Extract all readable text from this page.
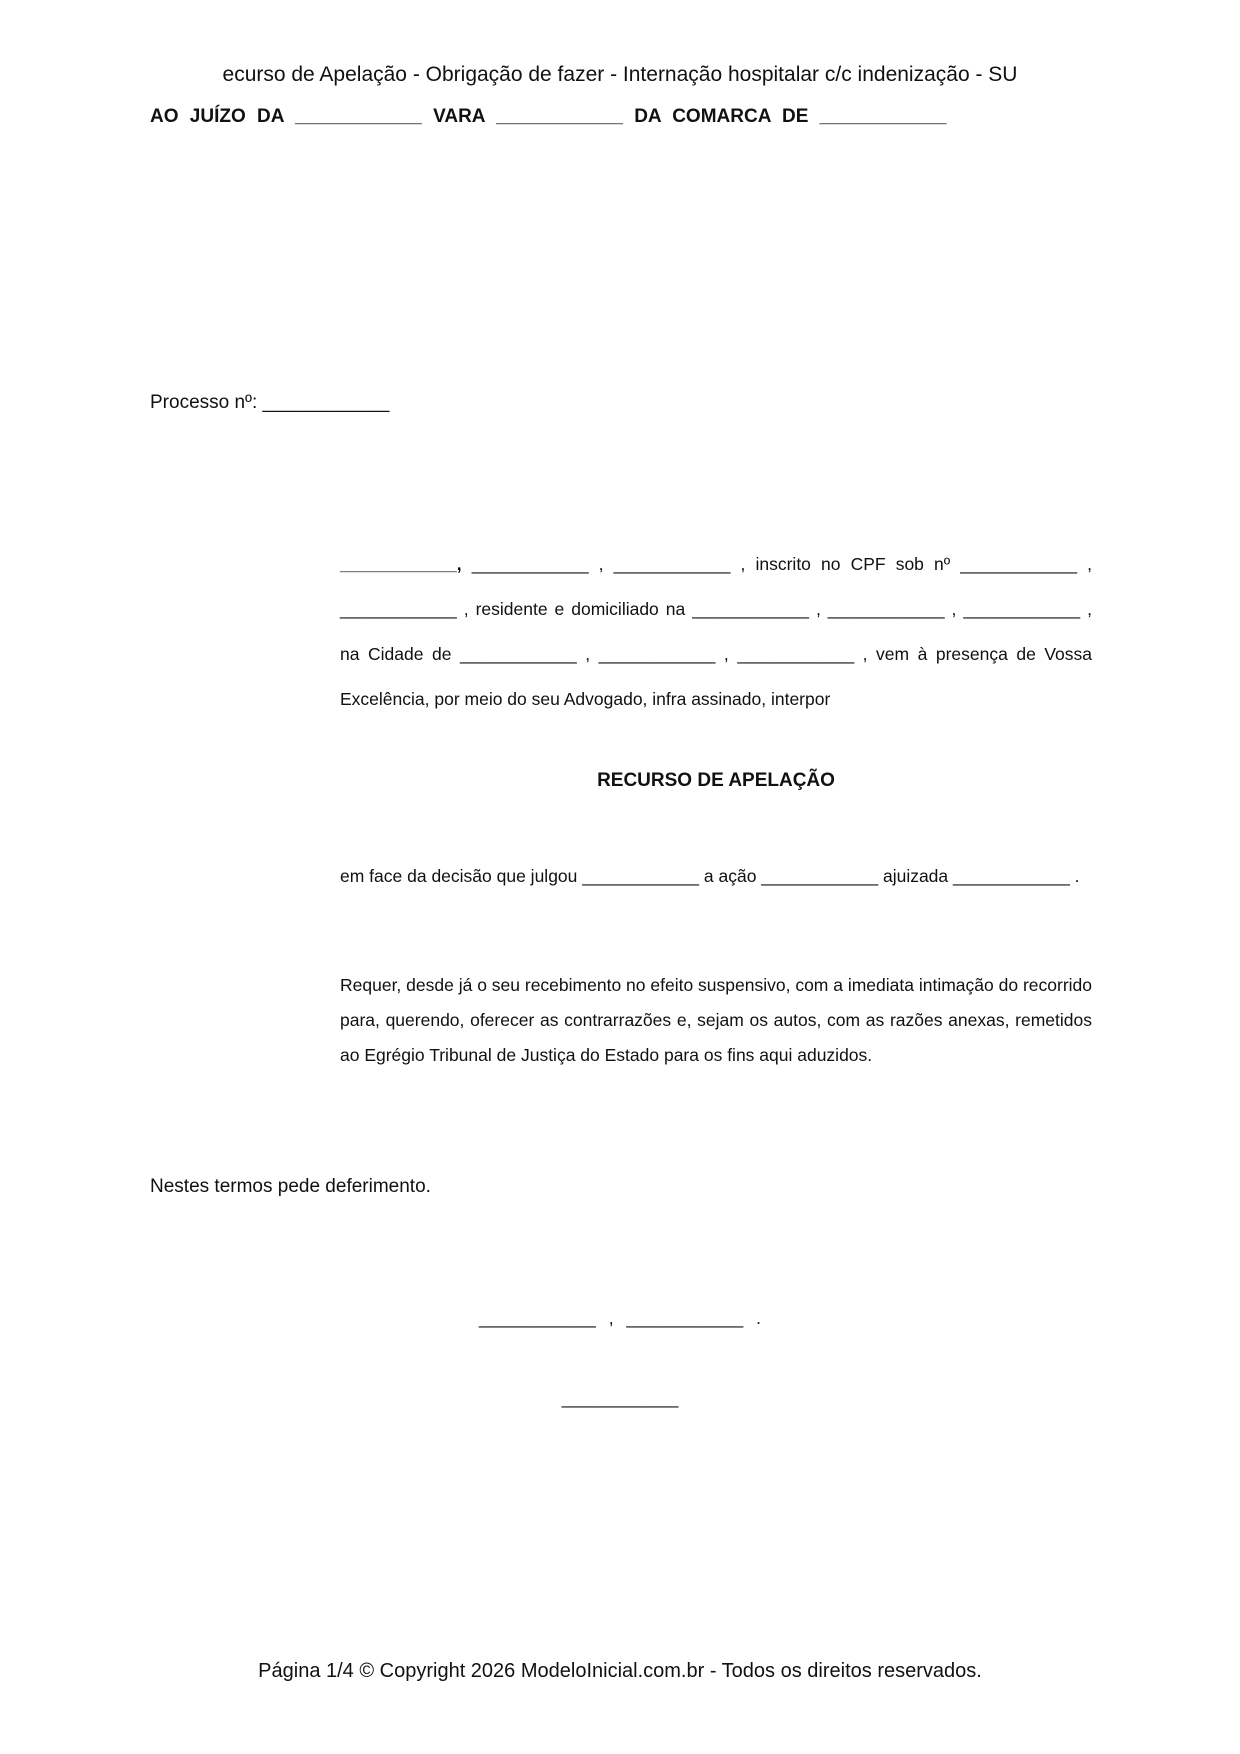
ecurso de Apelação - Obrigação de fazer - Internação hospitalar c/c indenização - SU
AO JUÍZO DA ____________ VARA ____________ DA COMARCA DE ____________
Processo nº: ____________

____________, ____________ , ____________ , inscrito no CPF sob nº ____________ , ____________ , residente e domiciliado na ____________ , ____________ , ____________ , na Cidade de ____________ , ____________ , ____________ , vem à presença de Vossa Excelência, por meio do seu Advogado, infra assinado, interpor

RECURSO DE APELAÇÃO

em face da decisão que julgou ____________ a ação ____________ ajuizada ____________ .

Requer, desde já o seu recebimento no efeito suspensivo, com a imediata intimação do recorrido para, querendo, oferecer as contrarrazões e, sejam os autos, com as razões anexas, remetidos ao Egrégio Tribunal de Justiça do Estado para os fins aqui aduzidos.

Nestes termos pede deferimento.
____________ , ____________ .
____________
Página 1/4 © Copyright 2026 ModeloInicial.com.br - Todos os direitos reservados.
